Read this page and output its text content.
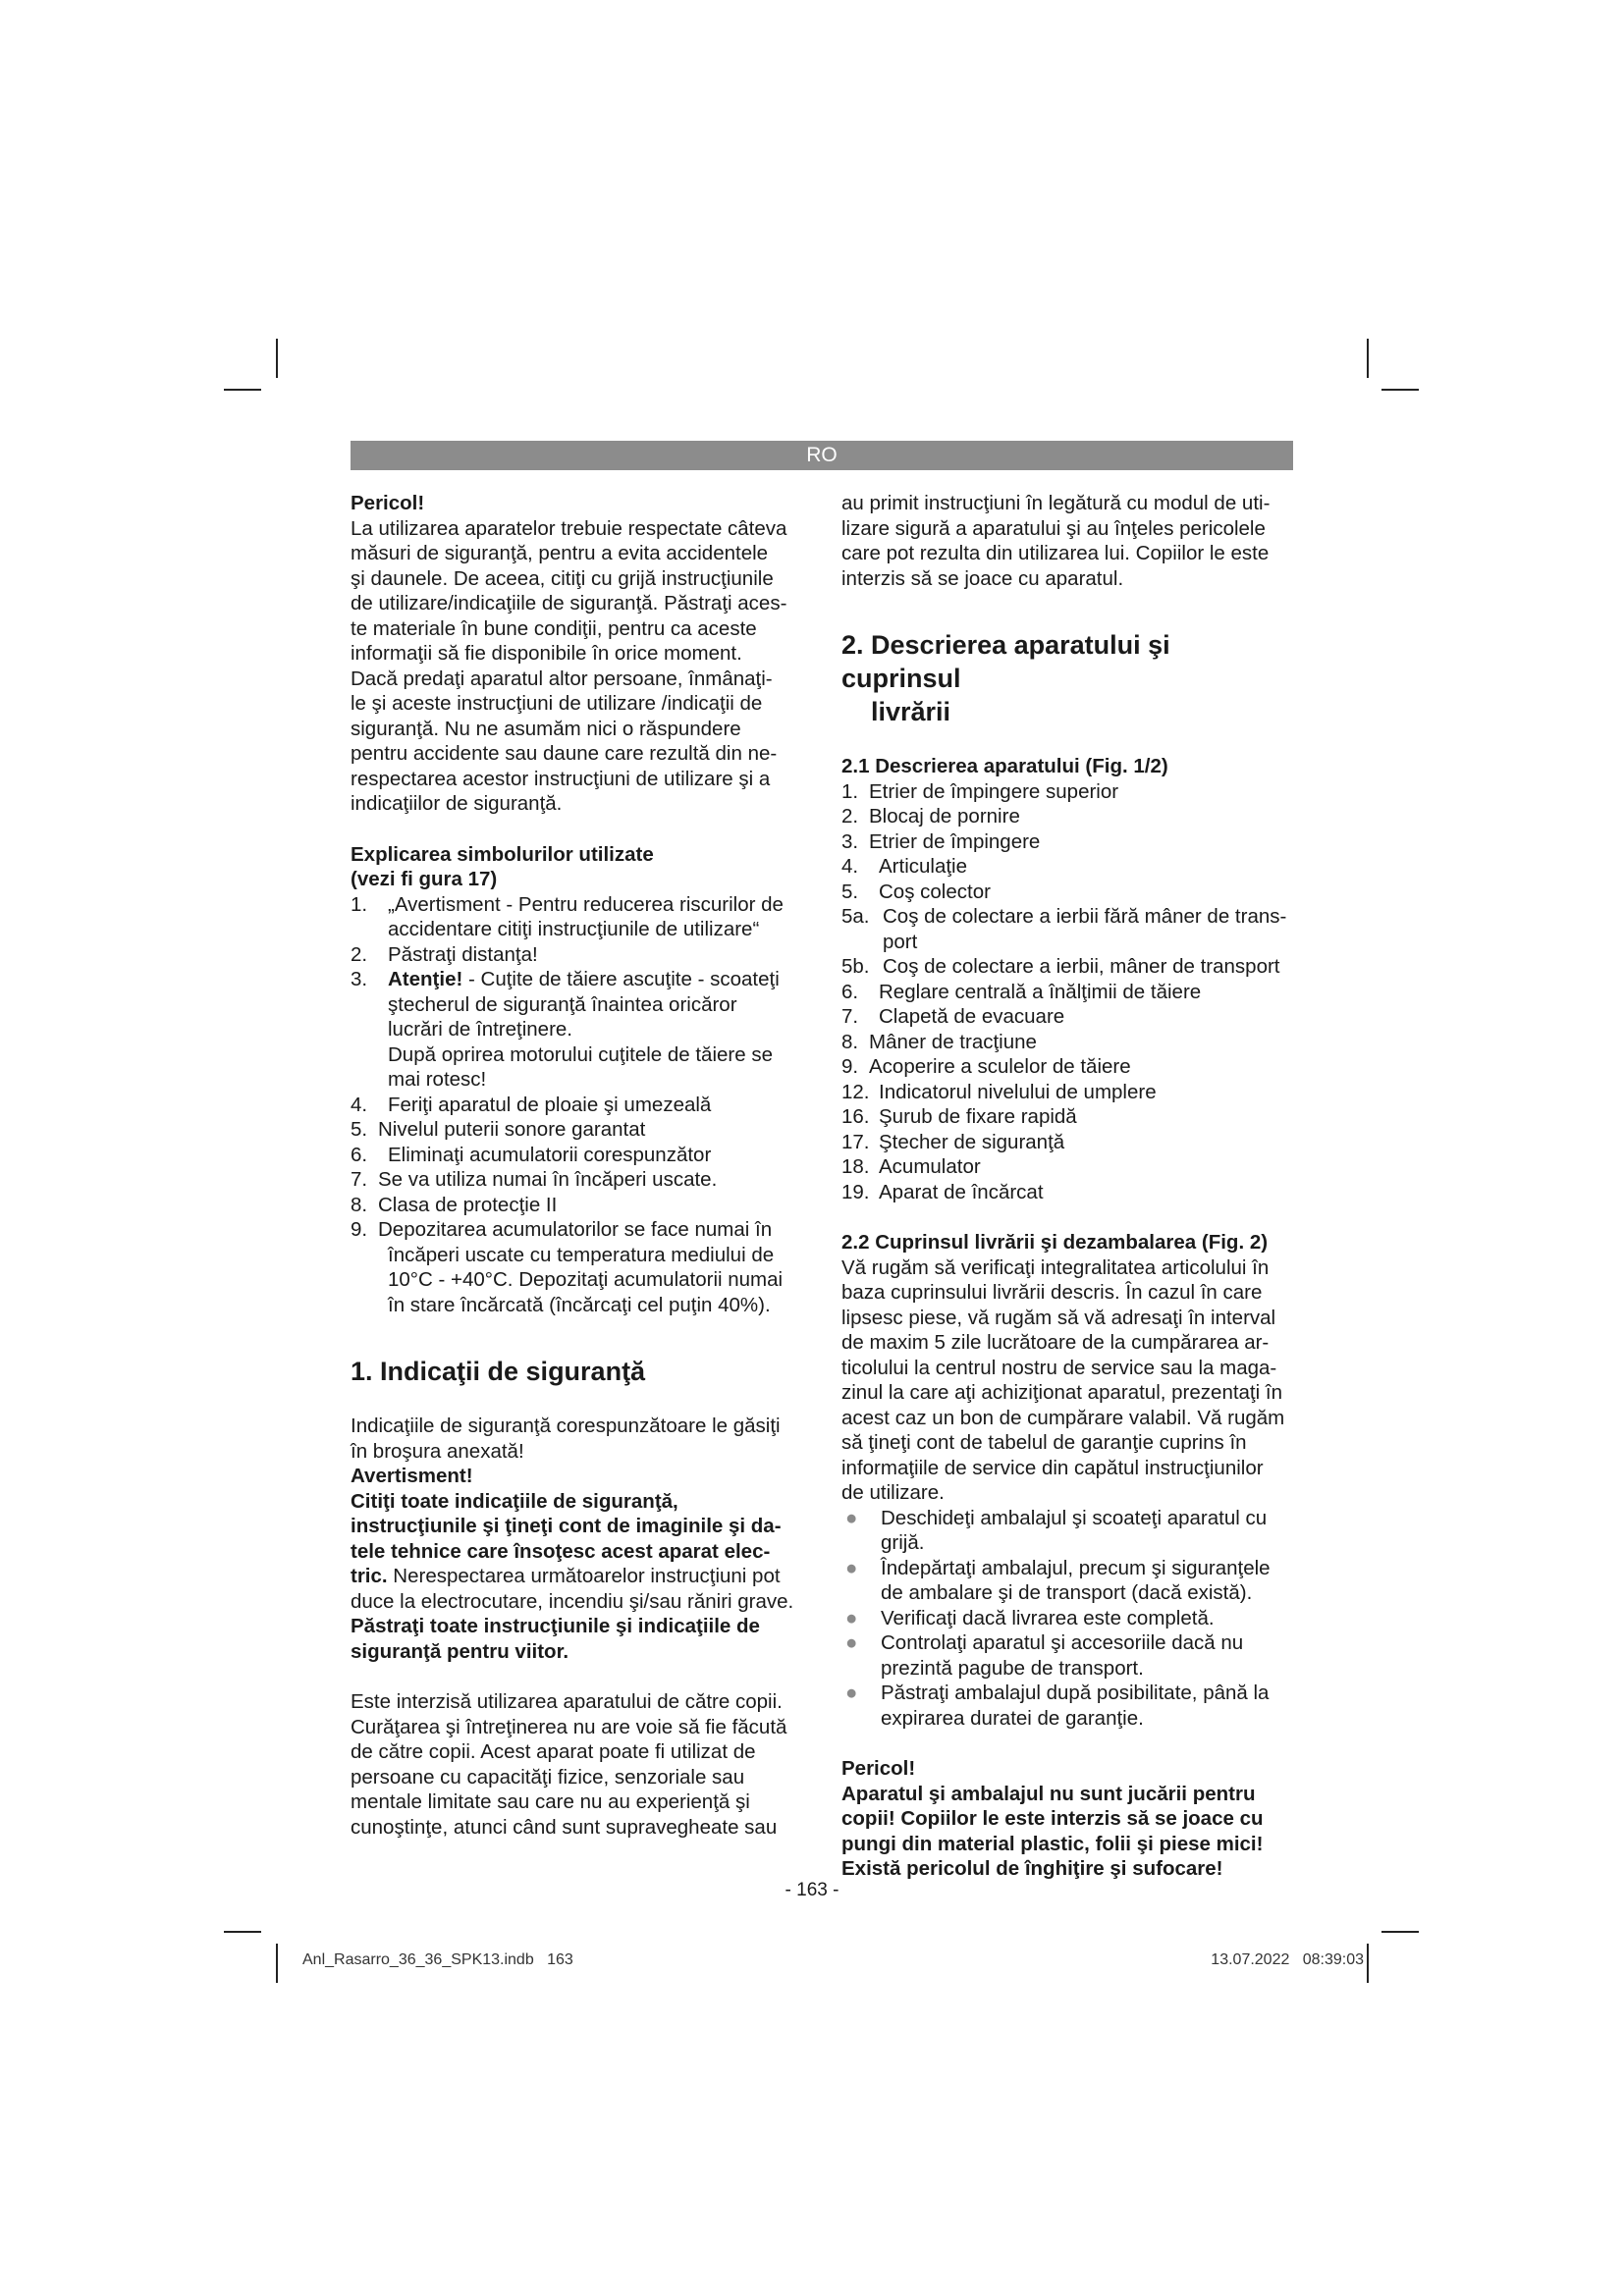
RO

Pericol!

La utilizarea aparatelor trebuie respectate câteva

măsuri de siguranţă, pentru a evita accidentele

şi daunele. De aceea, citiţi cu grijă instrucţiunile

de utilizare/indicaţiile de siguranţă. Păstraţi aces-

te materiale în bune condiţii, pentru ca aceste

informaţii să fie disponibile în orice moment.

Dacă predaţi aparatul altor persoane, înmânaţi-

le şi aceste instrucţiuni de utilizare /indicaţii de

siguranţă. Nu ne asumăm nici o răspundere

pentru accidente sau daune care rezultă din ne-

respectarea acestor instrucţiuni de utilizare şi a

indicaţiilor de siguranţă.

Explicarea simbolurilor utilizate

(vezi fi gura 17)

1.	„Avertisment - Pentru reducerea riscurilor de

accidentare citiţi instrucţiunile de utilizare“

2.	Păstraţi distanţa!

3.	Atenţie! - Cuţite de tăiere ascuţite - scoateţi

ştecherul de siguranţă înaintea oricăror

lucrări de întreţinere.

După oprirea motorului cuţitele de tăiere se

mai rotesc!

4.	Feriţi aparatul de ploaie şi umezeală

5. Nivelul puterii sonore garantat

6.	Eliminaţi acumulatorii corespunzător

7. Se va utiliza numai în încăperi uscate.

8. Clasa de protecţie II

9. Depozitarea acumulatorilor se face numai în

încăperi uscate cu temperatura mediului de

10°C - +40°C. Depozitaţi acumulatorii numai

în stare încărcată (încărcaţi cel puţin 40%).

1. Indicaţii de siguranţă

Indicaţiile de siguranţă corespunzătoare le găsiţi

în broşura anexată!

Avertisment!

Citiţi toate indicaţiile de siguranţă,

instrucţiunile şi ţineţi cont de imaginile şi da-

tele tehnice care însoţesc acest aparat elec-

tric. Nerespectarea următoarelor instrucţiuni pot

duce la electrocutare, incendiu şi/sau răniri grave.

Păstraţi toate instrucţiunile şi indicaţiile de

siguranţă pentru viitor.

Este interzisă utilizarea aparatului de către copii.

Curăţarea şi întreţinerea nu are voie să fie făcută

de către copii. Acest aparat poate fi utilizat de

persoane cu capacităţi fizice, senzoriale sau

mentale limitate sau care nu au experienţă şi

cunoştinţe, atunci când sunt supravegheate sau

au primit instrucţiuni în legătură cu modul de uti-

lizare sigură a aparatului şi au înţeles pericolele

care pot rezulta din utilizarea lui. Copiilor le este

interzis să se joace cu aparatul.

2. Descrierea aparatului şi cuprinsul
livrării

2.1 Descrierea aparatului (Fig. 1/2)

1. Etrier de împingere superior

2. Blocaj de pornire

3. Etrier de împingere

4. Articulaţie

5. Coş colector

5a. Coş de colectare a ierbii fără mâner de trans-

port

5b. Coş de colectare a ierbii, mâner de transport

6. Reglare centrală a înălţimii de tăiere

7. Clapetă de evacuare

8. Mâner de tracţiune

9. Acoperire a sculelor de tăiere

12. Indicatorul nivelului de umplere

16. Şurub de fixare rapidă

17. Ştecher de siguranţă

18. Acumulator

19. Aparat de încărcat

2.2 Cuprinsul livrării şi dezambalarea (Fig. 2)

Vă rugăm să verificaţi integralitatea articolului în

baza cuprinsului livrării descris. În cazul în care

lipsesc piese, vă rugăm să vă adresaţi în interval

de maxim 5 zile lucrătoare de la cumpărarea ar-

ticolului la centrul nostru de service sau la maga-

zinul la care aţi achiziţionat aparatul, prezentaţi în

acest caz un bon de cumpărare valabil. Vă rugăm

să ţineţi cont de tabelul de garanţie cuprins în

informaţiile de service din capătul instrucţiunilor

de utilizare.

● Deschideţi ambalajul şi scoateţi aparatul cu

grijă.

● Îndepărtaţi ambalajul, precum şi siguranţele

de ambalare şi de transport (dacă există).

● Verificaţi dacă livrarea este completă.

● Controlaţi aparatul şi accesoriile dacă nu

prezintă pagube de transport.

● Păstraţi ambalajul după posibilitate, până la

expirarea duratei de garanţie.

Pericol!

Aparatul şi ambalajul nu sunt jucării pentru

copii! Copiilor le este interzis să se joace cu

pungi din material plastic, folii şi piese mici!

Există pericolul de înghiţire şi sufocare!

- 163 -
Anl_Rasarro_36_36_SPK13.indb   163	13.07.2022   08:39:03
